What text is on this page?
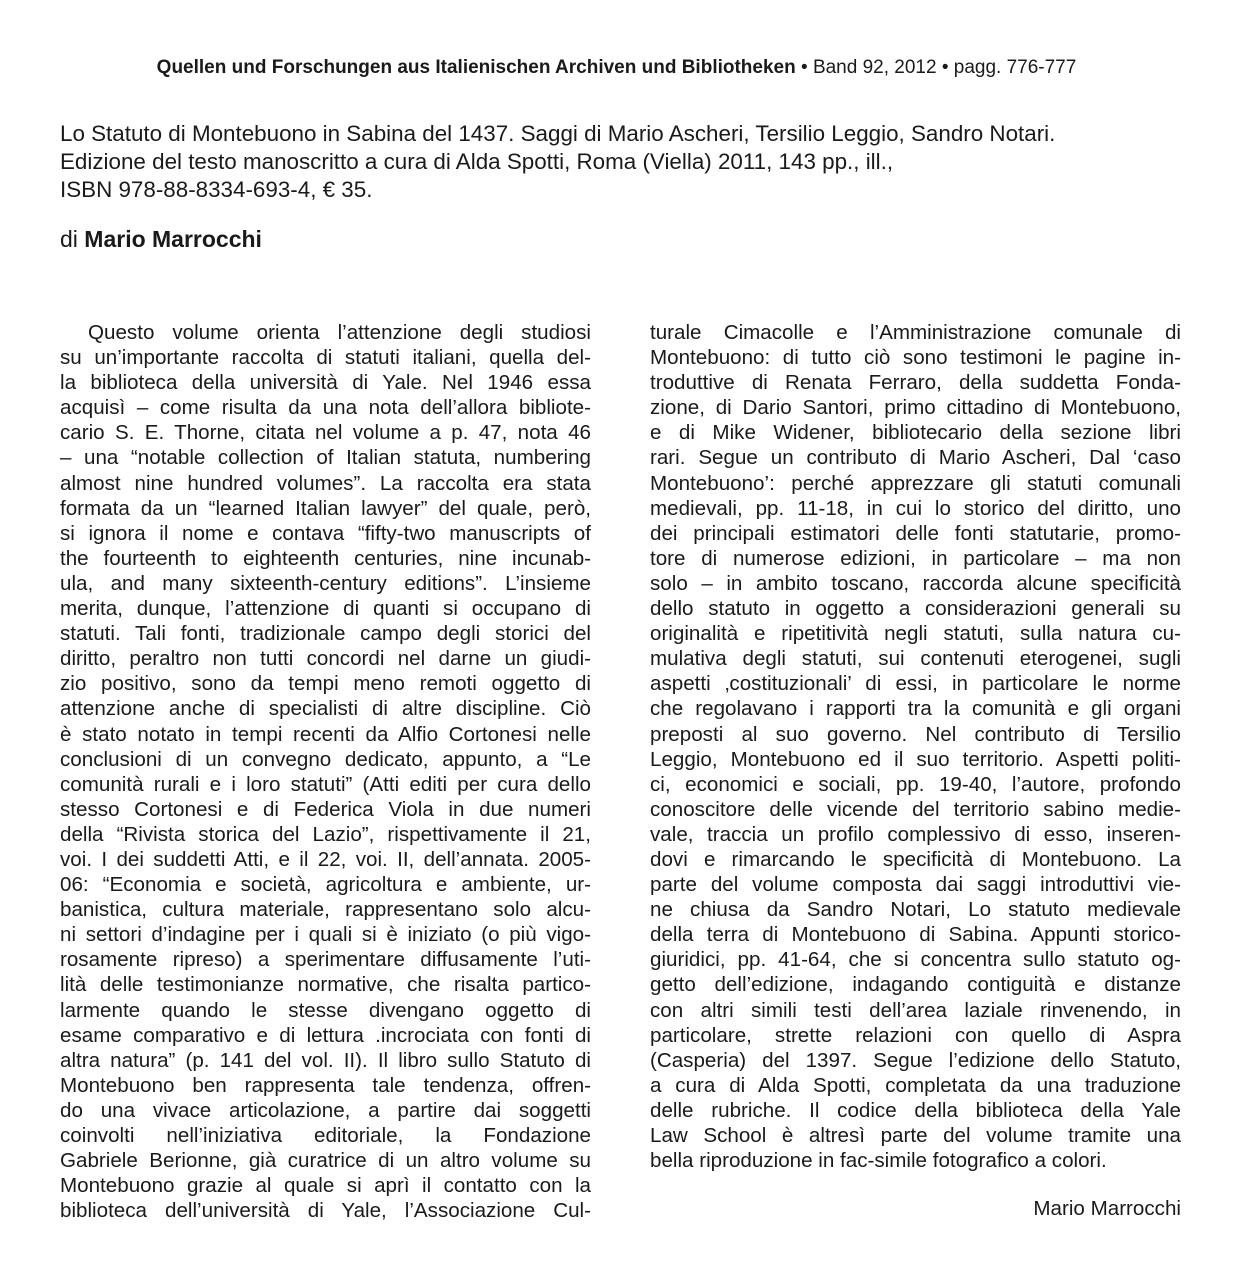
Quellen und Forschungen aus Italienischen Archiven und Bibliotheken • Band 92, 2012 • pagg. 776-777
Lo Statuto di Montebuono in Sabina del 1437. Saggi di Mario Ascheri, Tersilio Leggio, Sandro Notari.
Edizione del testo manoscritto a cura di Alda Spotti, Roma (Viella) 2011, 143 pp., ill.,
ISBN 978-88-8334-693-4, € 35.
di Mario Marrocchi
Questo volume orienta l’attenzione degli studiosi
su un’importante raccolta di statuti italiani, quella del-
la biblioteca della università di Yale. Nel 1946 essa
acquisì – come risulta da una nota dell’allora bibliote-
cario S. E. Thorne, citata nel volume a p. 47, nota 46
– una “notable collection of Italian statuta, numbering
almost nine hundred volumes”. La raccolta era stata
formata da un “learned Italian lawyer” del quale, però,
si ignora il nome e contava “fifty-two manuscripts of
the fourteenth to eighteenth centuries, nine incunab-
ula, and many sixteenth-century editions”. L’insieme
merita, dunque, l’attenzione di quanti si occupano di
statuti. Tali fonti, tradizionale campo degli storici del
diritto, peraltro non tutti concordi nel darne un giudi-
zio positivo, sono da tempi meno remoti oggetto di
attenzione anche di specialisti di altre discipline. Ciò
è stato notato in tempi recenti da Alfio Cortonesi nelle
conclusioni di un convegno dedicato, appunto, a “Le
comunità rurali e i loro statuti” (Atti editi per cura dello
stesso Cortonesi e di Federica Viola in due numeri
della “Rivista storica del Lazio”, rispettivamente il 21,
voi. I dei suddetti Atti, e il 22, voi. II, dell’annata. 2005-
06: “Economia e società, agricoltura e ambiente, ur-
banistica, cultura materiale, rappresentano solo alcu-
ni settori d’indagine per i quali si è iniziato (o più vigo-
rosamente ripreso) a sperimentare diffusamente l’uti-
lità delle testimonianze normative, che risalta partico-
larmente quando le stesse divengano oggetto di
esame comparativo e di lettura .incrociata con fonti di
altra natura” (p. 141 del vol. II). Il libro sullo Statuto di
Montebuono ben rappresenta tale tendenza, offren-
do una vivace articolazione, a partire dai soggetti
coinvolti nell’iniziativa editoriale, la Fondazione
Gabriele Berionne, già curatrice di un altro volume su
Montebuono grazie al quale si aprì il contatto con la
biblioteca dell’università di Yale, l’Associazione Cul-
turale Cimacolle e l’Amministrazione comunale di
Montebuono: di tutto ciò sono testimoni le pagine in-
troduttive di Renata Ferraro, della suddetta Fonda-
zione, di Dario Santori, primo cittadino di Montebuono,
e di Mike Widener, bibliotecario della sezione libri
rari. Segue un contributo di Mario Ascheri, Dal ‘caso
Montebuono’: perché apprezzare gli statuti comunali
medievali, pp. 11-18, in cui lo storico del diritto, uno
dei principali estimatori delle fonti statutarie, promo-
tore di numerose edizioni, in particolare – ma non
solo – in ambito toscano, raccorda alcune specificità
dello statuto in oggetto a considerazioni generali su
originalità e ripetitività negli statuti, sulla natura cu-
mulativa degli statuti, sui contenuti eterogenei, sugli
aspetti ‚costituzionali’ di essi, in particolare le norme
che regolavano i rapporti tra la comunità e gli organi
preposti al suo governo. Nel contributo di Tersilio
Leggio, Montebuono ed il suo territorio. Aspetti politi-
ci, economici e sociali, pp. 19-40, l’autore, profondo
conoscitore delle vicende del territorio sabino medie-
vale, traccia un profilo complessivo di esso, inseren-
dovi e rimarcando le specificità di Montebuono. La
parte del volume composta dai saggi introduttivi vie-
ne chiusa da Sandro Notari, Lo statuto medievale
della terra di Montebuono di Sabina. Appunti storico-
giuridici, pp. 41-64, che si concentra sullo statuto og-
getto dell’edizione, indagando contiguità e distanze
con altri simili testi dell’area laziale rinvenendo, in
particolare, strette relazioni con quello di Aspra
(Casperia) del 1397. Segue l’edizione dello Statuto,
a cura di Alda Spotti, completata da una traduzione
delle rubriche. Il codice della biblioteca della Yale
Law School è altresì parte del volume tramite una
bella riproduzione in fac-simile fotografico a colori.
Mario Marrocchi
